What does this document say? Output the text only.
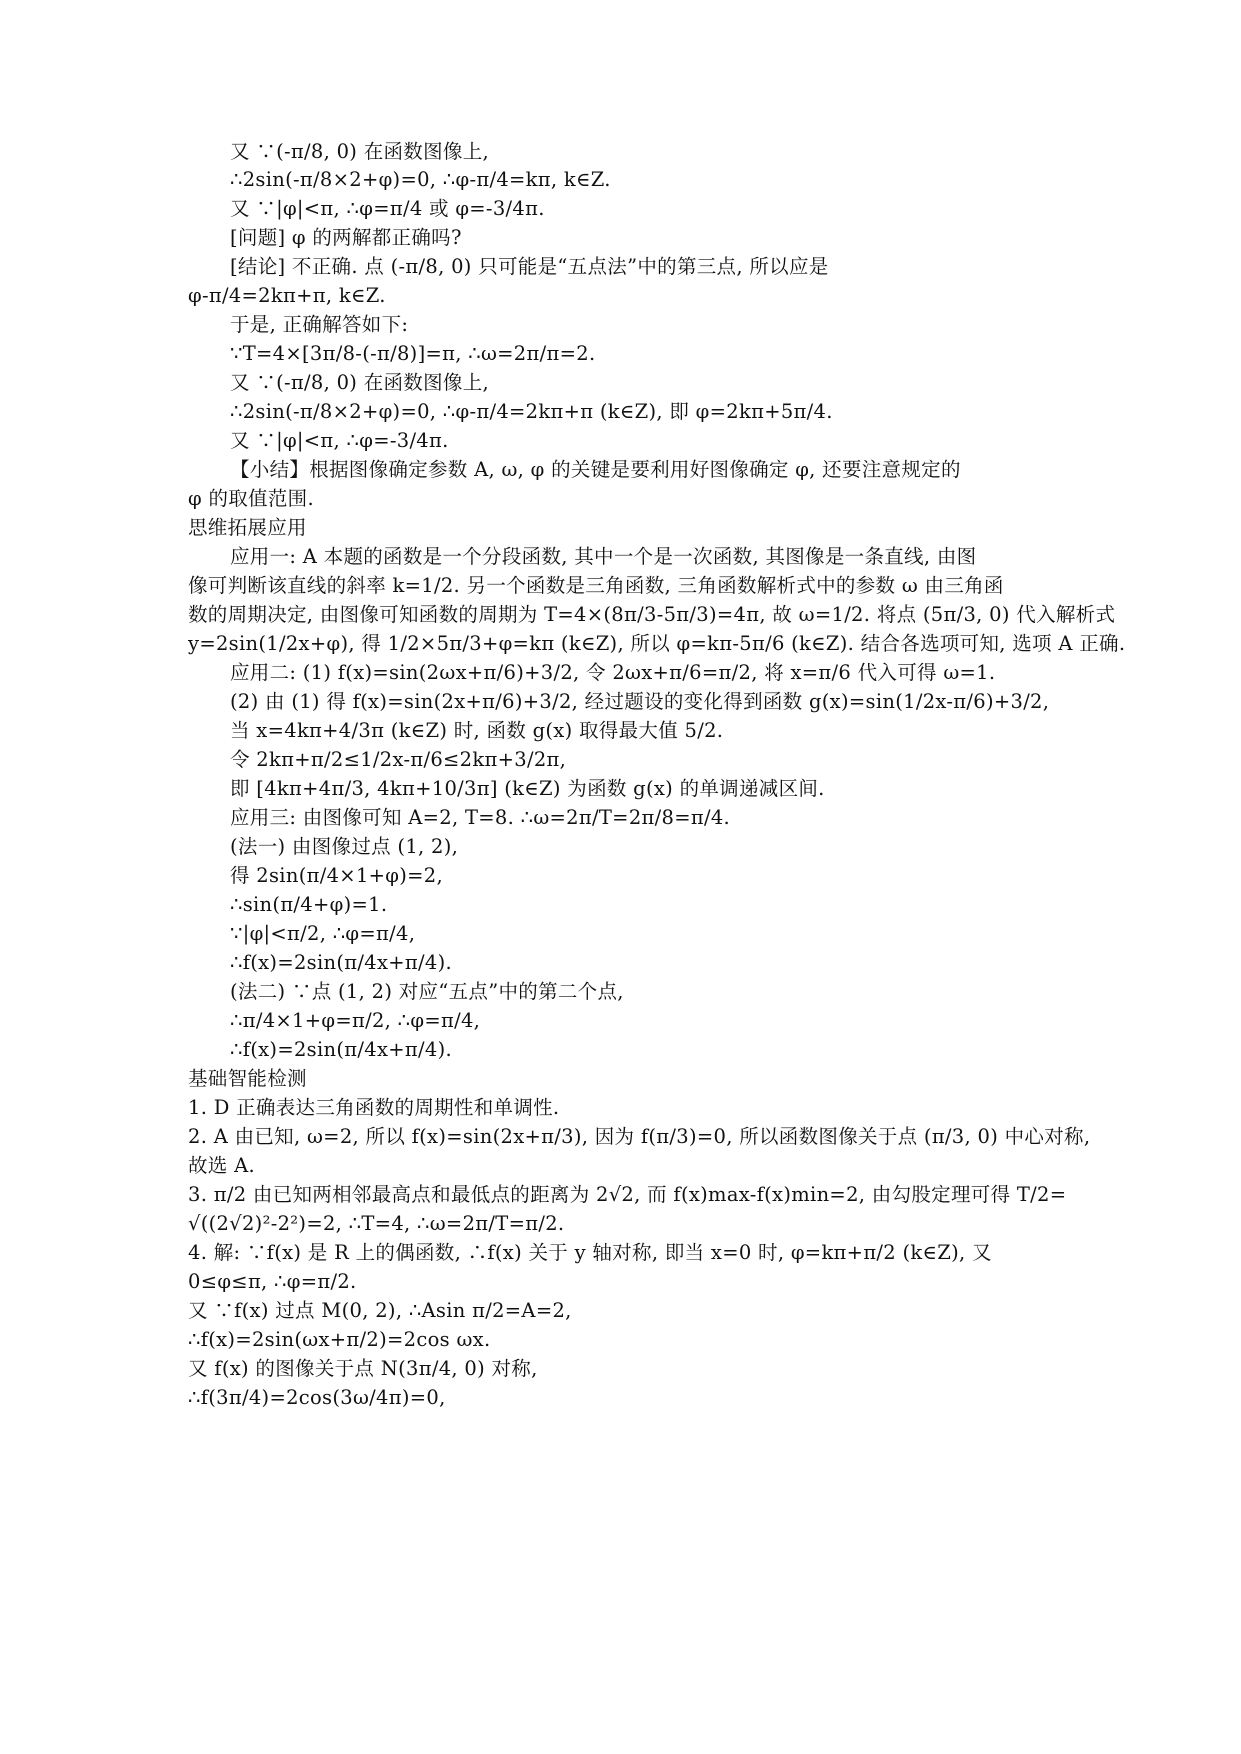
又 ∵(-π/8, 0) 在函数图像上,
∴2sin(-π/8×2+φ)=0, ∴φ-π/4=kπ, k∈Z.
又 ∵|φ|<π, ∴φ=π/4 或 φ=-3/4π.
[问题] φ 的两解都正确吗?
[结论] 不正确. 点 (-π/8, 0) 只可能是“五点法”中的第三点, 所以应是
φ-π/4=2kπ+π, k∈Z.
于是, 正确解答如下:
∵T=4×[3π/8-(-π/8)]=π, ∴ω=2π/π=2.
又 ∵(-π/8, 0) 在函数图像上,
∴2sin(-π/8×2+φ)=0, ∴φ-π/4=2kπ+π (k∈Z), 即 φ=2kπ+5π/4.
又 ∵|φ|<π, ∴φ=-3/4π.
【小结】根据图像确定参数 A, ω, φ 的关键是要利用好图像确定 φ, 还要注意规定的
φ 的取值范围.
思维拓展应用
应用一: A 本题的函数是一个分段函数, 其中一个是一次函数, 其图像是一条直线, 由图
像可判断该直线的斜率 k=1/2. 另一个函数是三角函数, 三角函数解析式中的参数 ω 由三角函
数的周期决定, 由图像可知函数的周期为 T=4×(8π/3-5π/3)=4π, 故 ω=1/2. 将点 (5π/3, 0) 代入解析式
y=2sin(1/2x+φ), 得 1/2×5π/3+φ=kπ (k∈Z), 所以 φ=kπ-5π/6 (k∈Z). 结合各选项可知, 选项 A 正确.
应用二: (1) f(x)=sin(2ωx+π/6)+3/2, 令 2ωx+π/6=π/2, 将 x=π/6 代入可得 ω=1.
(2) 由 (1) 得 f(x)=sin(2x+π/6)+3/2, 经过题设的变化得到函数 g(x)=sin(1/2x-π/6)+3/2,
当 x=4kπ+4/3π (k∈Z) 时, 函数 g(x) 取得最大值 5/2.
令 2kπ+π/2≤1/2x-π/6≤2kπ+3/2π,
即 [4kπ+4π/3, 4kπ+10/3π] (k∈Z) 为函数 g(x) 的单调递减区间.
应用三: 由图像可知 A=2, T=8. ∴ω=2π/T=2π/8=π/4.
(法一) 由图像过点 (1, 2),
得 2sin(π/4×1+φ)=2,
∴sin(π/4+φ)=1.
∵|φ|<π/2, ∴φ=π/4,
∴f(x)=2sin(π/4x+π/4).
(法二) ∵点 (1, 2) 对应“五点”中的第二个点,
∴π/4×1+φ=π/2, ∴φ=π/4,
∴f(x)=2sin(π/4x+π/4).
基础智能检测
1. D 正确表达三角函数的周期性和单调性.
2. A 由已知, ω=2, 所以 f(x)=sin(2x+π/3), 因为 f(π/3)=0, 所以函数图像关于点 (π/3, 0) 中心对称,
故选 A.
3. π/2 由已知两相邻最高点和最低点的距离为 2√2, 而 f(x)max-f(x)min=2, 由勾股定理可得 T/2=
√((2√2)²-2²)=2, ∴T=4, ∴ω=2π/T=π/2.
4. 解: ∵f(x) 是 R 上的偶函数, ∴f(x) 关于 y 轴对称, 即当 x=0 时, φ=kπ+π/2 (k∈Z), 又
0≤φ≤π, ∴φ=π/2.
又 ∵f(x) 过点 M(0, 2), ∴Asin π/2=A=2,
∴f(x)=2sin(ωx+π/2)=2cos ωx.
又 f(x) 的图像关于点 N(3π/4, 0) 对称,
∴f(3π/4)=2cos(3ω/4π)=0,
